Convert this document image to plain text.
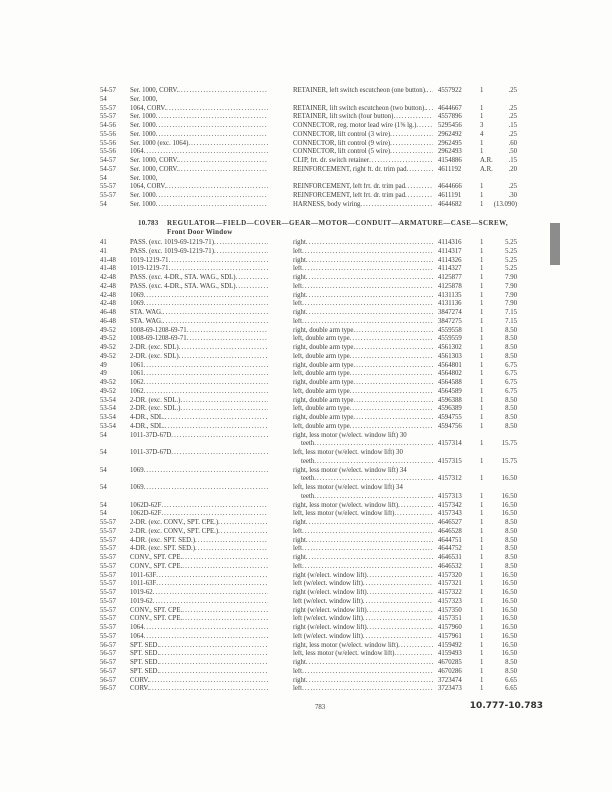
54-57	Ser. 1000, CORV. .....	RETAINER, left switch escutcheon (one button). ..... 4557922	1	.25
54	Ser. 1000,
55-57	1064, CORV. .....	RETAINER, lift switch escutcheon (two button). ..... 4644667	1	.25
55-57	Ser. 1000 .....	RETAINER, lift switch (four button) .....	4557896	1	.25
54-56	Ser. 1000 .....	CONNECTOR, reg. motor lead wire (1⅝ lg.) .....	5295456	3	.15
55-56	Ser. 1000 .....	CONNECTOR, lift control (3 wire) .....	2962492	4	.25
55-56	Ser. 1000 (exc. 1064) .....	CONNECTOR, lift control (9 wire) .....	2962495	1	.60
55-56	1064 .....	CONNECTOR, lift control (5 wire) .....	2962493	1	.50
54-57	Ser. 1000, CORV. .....	CLIP, frt. dr. switch retainer .....	4154886	A.R.	.15
54-57	Ser. 1000, CORV. .....	REINFORCEMENT, right ft. dr. trim pad .....	4611192	A.R.	.20
54	Ser. 1000,
55-57	1064, CORV. .....	REINFORCEMENT, left frt. dr. trim pad .....	4644666	1	.25
55-57	Ser. 1000 .....	REINFORCEMENT, left frt. dr. trim pad .....	4611191	1	.30
54	Ser. 1000 .....	HARNESS, body wiring .....	4644682	1	(13.090)
10.783 REGULATOR—FIELD—COVER—GEAR—MOTOR—CONDUIT—ARMATURE—CASE—SCREW,
Front Door Window
41	PASS. (exc. 1019-69-1219-71) .....	right .....	4114316	1	5.25
41	PASS. (exc. 1019-69-1219-71) .....	left .....	4114317	1	5.25
41-48	1019-1219-71 .....	right .....	4114326	1	5.25
41-48	1019-1219-71 .....	left .....	4114327	1	5.25
42-48	PASS. (exc. 4-DR., STA. WAG., SDL) .....	right .....	4125877	1	7.90
42-48	PASS. (exc. 4-DR., STA. WAG., SDL) .....	left .....	4125878	1	7.90
42-48	1069 .....	right .....	4131135	1	7.90
42-48	1069 .....	left .....	4131136	1	7.90
46-48	STA. WAG. .....	right .....	3847274	1	7.15
46-48	STA. WAG. .....	left .....	3847275	1	7.15
49-52	1008-69-1208-69-71 .....	right, double arm type .....	4559558	1	8.50
49-52	1008-69-1208-69-71 .....	left, double arm type .....	4559559	1	8.50
49-52	2-DR. (exc. SDL) .....	right, double arm type .....	4561302	1	8.50
49-52	2-DR. (exc. SDL) .....	left, double arm type .....	4561303	1	8.50
49	1061 .....	right, double arm type .....	4564801	1	6.75
49	1061 .....	left, double arm type .....	4564802	1	6.75
49-52	1062 .....	right, double arm type .....	4564588	1	6.75
49-52	1062 .....	left, double arm type .....	4564589	1	6.75
53-54	2-DR. (exc. SDL.) .....	right, double arm type .....	4596388	1	8.50
53-54	2-DR. (exc. SDL.) .....	left, double arm type .....	4596389	1	8.50
53-54	4-DR., SDL. .....	right, double arm type .....	4594755	1	8.50
53-54	4-DR., SDL. .....	left, double arm type .....	4594756	1	8.50
54	1011-37D-67D .....	right, less motor (w/elect. window lift) 30
teeth .....	4157314	1	15.75
54	1011-37D-67D .....	left, less motor (w/elect. window lift) 30
teeth .....	4157315	1	15.75
54	1069 .....	right, less motor (w/elect. window lift) 34
teeth .....	4157312	1	16.50
54	1069 .....	left, less motor (w/elect. window lift) 34
teeth .....	4157313	1	16.50
54	1062D-62F .....	right, less motor (w/elect. window lift) .....	4157342	1	16.50
54	1062D-62F .....	left, less motor (w/elect. window lift) .....	4157343	1	16.50
55-57	2-DR. (exc. CONV., SPT. CPE.) .....	right .....	4646527	1	8.50
55-57	2-DR. (exc. CONV., SPT. CPE.) .....	left .....	4646528	1	8.50
55-57	4-DR. (exc. SPT. SED.) .....	right .....	4644751	1	8.50
55-57	4-DR. (exc. SPT. SED.) .....	left .....	4644752	1	8.50
55-57	CONV., SPT. CPE. .....	right .....	4646531	1	8.50
55-57	CONV., SPT. CPE. .....	left .....	4646532	1	8.50
55-57	1011-63F .....	right (w/elect. window lift) .....	4157320	1	16.50
55-57	1011-63F .....	left (w/elect. window lift) .....	4157321	1	16.50
55-57	1019-62 .....	right (w/elect. window lift) .....	4157322	1	16.50
55-57	1019-62 .....	left (w/elect. window lift) .....	4157323	1	16.50
55-57	CONV., SPT. CPE. .....	right (w/elect. window lift) .....	4157350	1	16.50
55-57	CONV., SPT. CPE. .....	left (w/elect. window lift) .....	4157351	1	16.50
55-57	1064 .....	right (w/elect. window lift) .....	4157960	1	16.50
55-57	1064 .....	left (w/elect. window lift) .....	4157961	1	16.50
56-57	SPT. SED. .....	right, less motor (w/elect. window lift) .....	4159492	1	16.50
56-57	SPT. SED. .....	left, less motor (w/elect. window lift) .....	4159493	1	16.50
56-57	SPT. SED. .....	right .....	4670285	1	8.50
56-57	SPT. SED. .....	left .....	4670286	1	8.50
56-57	CORV. .....	right .....	3723474	1	6.65
56-57	CORV. .....	left .....	3723473	1	6.65
783	10.777-10.783
